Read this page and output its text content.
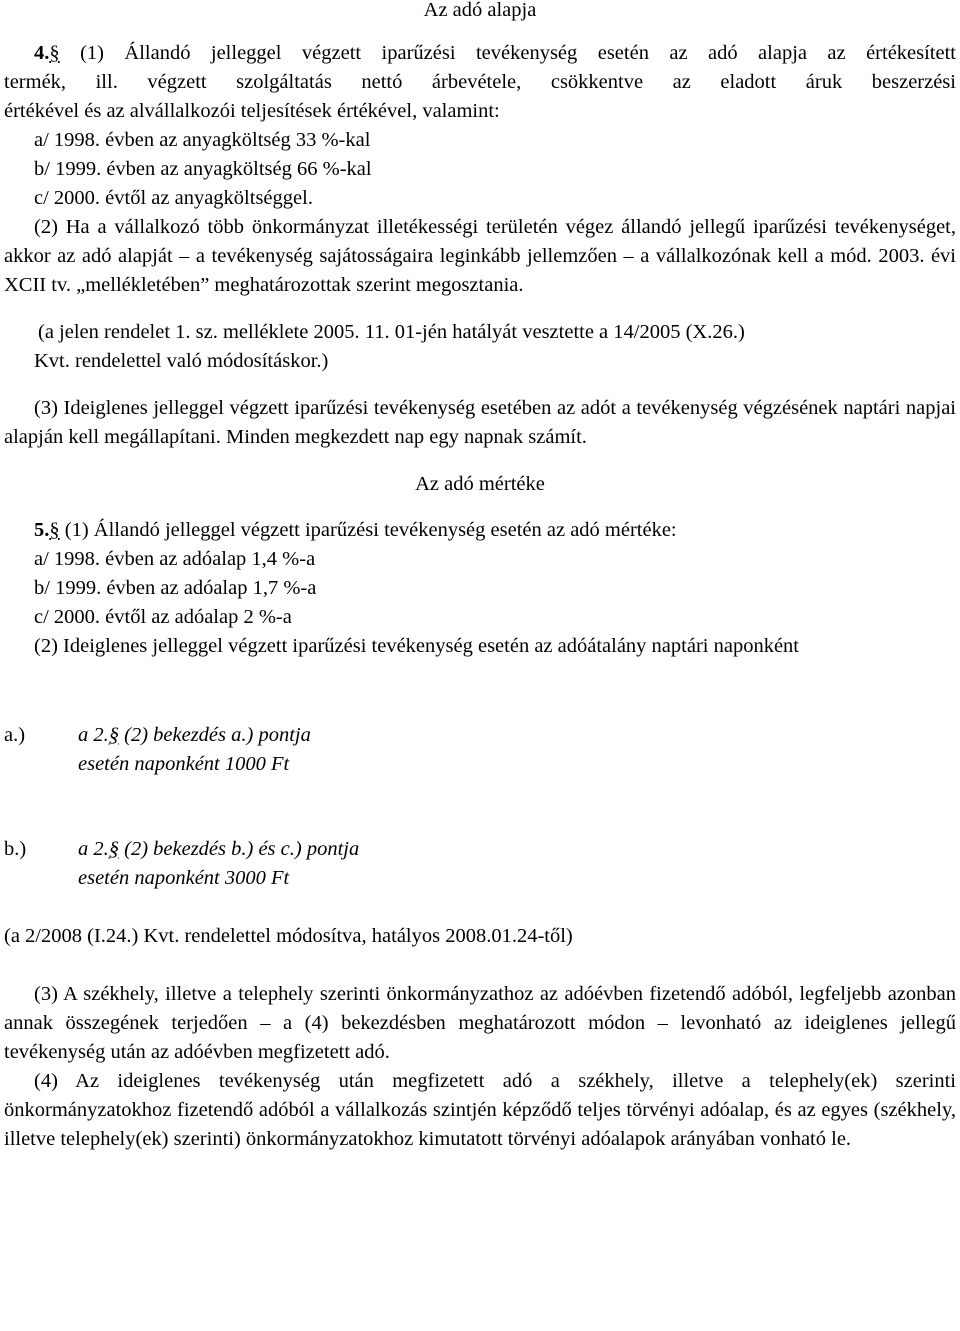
Az adó alapja

4.§ (1) Állandó jelleggel végzett iparűzési tevékenység esetén az adó alapja az értékesített

termék, ill. végzett szolgáltatás nettó árbevétele, csökkentve az eladott áruk beszerzési

értékével és az alvállalkozói teljesítések értékével, valamint:

a/ 1998. évben az anyagköltség 33 %-kal

b/ 1999. évben az anyagköltség 66 %-kal

c/ 2000. évtől az anyagköltséggel.

(2) Ha a vállalkozó több önkormányzat illetékességi területén végez állandó jellegű iparűzési tevékenységet, akkor az adó alapját – a tevékenység sajátosságaira leginkább jellemzően – a vállalkozónak kell a mód. 2003. évi XCII tv. „mellékletében” meghatározottak szerint megosztania.

(a jelen rendelet 1. sz. melléklete 2005. 11. 01-jén hatályát vesztette a 14/2005 (X.26.)

Kvt. rendelettel való módosításkor.)

(3) Ideiglenes jelleggel végzett iparűzési tevékenység esetében az adót a tevékenység végzésének naptári napjai alapján kell megállapítani. Minden megkezdett nap egy napnak számít.

Az adó mértéke

5.§ (1) Állandó jelleggel végzett iparűzési tevékenység esetén az adó mértéke:

a/ 1998. évben az adóalap 1,4 %-a

b/ 1999. évben az adóalap 1,7 %-a

c/ 2000. évtől az adóalap 2 %-a

(2) Ideiglenes jelleggel végzett iparűzési tevékenység esetén az adóátalány naptári naponként

a.)	a 2.§ (2) bekezdés a.) pontja
esetén naponként 1000 Ft
b.)	a 2.§ (2) bekezdés b.) és c.) pontja
esetén naponként 3000 Ft

(a 2/2008 (I.24.) Kvt. rendelettel módosítva, hatályos 2008.01.24-től)

(3) A székhely, illetve a telephely szerinti önkormányzathoz az adóévben fizetendő adóból, legfeljebb azonban annak összegének terjedően – a (4) bekezdésben meghatározott módon – levonható az ideiglenes jellegű tevékenység után az adóévben megfizetett adó.

(4) Az ideiglenes tevékenység után megfizetett adó a székhely, illetve a telephely(ek) szerinti önkormányzatokhoz fizetendő adóból a vállalkozás szintjén képződő teljes törvényi adóalap, és az egyes (székhely, illetve telephely(ek) szerinti) önkormányzatokhoz kimutatott törvényi adóalapok arányában vonható le.
